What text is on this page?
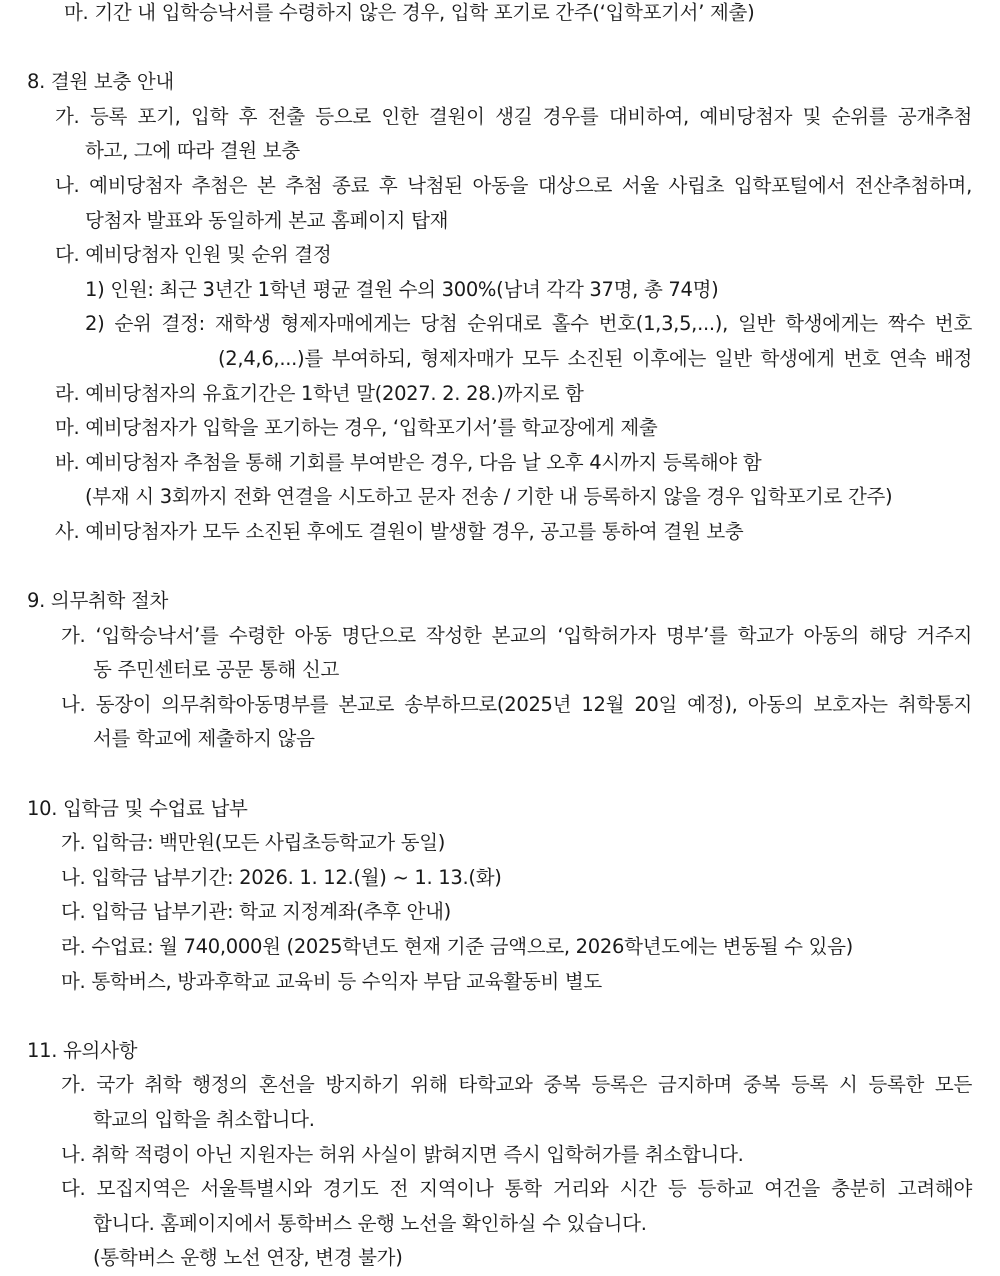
마. 기간 내 입학승낙서를 수령하지 않은 경우, 입학 포기로 간주(‘입학포기서’ 제출)
8. 결원 보충 안내
가. 등록 포기, 입학 후 전출 등으로 인한 결원이 생길 경우를 대비하여, 예비당첨자 및 순위를 공개추첨
하고, 그에 따라 결원 보충
나. 예비당첨자 추첨은 본 추첨 종료 후 낙첨된 아동을 대상으로 서울 사립초 입학포털에서 전산추첨하며,
당첨자 발표와 동일하게 본교 홈페이지 탑재
다. 예비당첨자 인원 및 순위 결정
1) 인원: 최근 3년간 1학년 평균 결원 수의 300%(남녀 각각 37명, 총 74명)
2) 순위 결정: 재학생 형제자매에게는 당첨 순위대로 홀수 번호(1,3,5,...), 일반 학생에게는 짝수 번호
(2,4,6,...)를 부여하되, 형제자매가 모두 소진된 이후에는 일반 학생에게 번호 연속 배정
라. 예비당첨자의 유효기간은 1학년 말(2027. 2. 28.)까지로 함
마. 예비당첨자가 입학을 포기하는 경우, ‘입학포기서’를 학교장에게 제출
바. 예비당첨자 추첨을 통해 기회를 부여받은 경우, 다음 날 오후 4시까지 등록해야 함
(부재 시 3회까지 전화 연결을 시도하고 문자 전송 / 기한 내 등록하지 않을 경우 입학포기로 간주)
사. 예비당첨자가 모두 소진된 후에도 결원이 발생할 경우, 공고를 통하여 결원 보충
9. 의무취학 절차
가. ‘입학승낙서’를 수령한 아동 명단으로 작성한 본교의 ‘입학허가자 명부’를 학교가 아동의 해당 거주지
동 주민센터로 공문 통해 신고
나. 동장이 의무취학아동명부를 본교로 송부하므로(2025년 12월 20일 예정), 아동의 보호자는 취학통지
서를 학교에 제출하지 않음
10. 입학금 및 수업료 납부
가. 입학금: 백만원(모든 사립초등학교가 동일)
나. 입학금 납부기간: 2026. 1. 12.(월) ~ 1. 13.(화)
다. 입학금 납부기관: 학교 지정계좌(추후 안내)
라. 수업료: 월 740,000원 (2025학년도 현재 기준 금액으로, 2026학년도에는 변동될 수 있음)
마. 통학버스, 방과후학교 교육비 등 수익자 부담 교육활동비 별도
11. 유의사항
가. 국가 취학 행정의 혼선을 방지하기 위해 타학교와 중복 등록은 금지하며 중복 등록 시 등록한 모든
학교의 입학을 취소합니다.
나. 취학 적령이 아닌 지원자는 허위 사실이 밝혀지면 즉시 입학허가를 취소합니다.
다. 모집지역은 서울특별시와 경기도 전 지역이나 통학 거리와 시간 등 등하교 여건을 충분히 고려해야
합니다. 홈페이지에서 통학버스 운행 노선을 확인하실 수 있습니다.
(통학버스 운행 노선 연장, 변경 불가)
